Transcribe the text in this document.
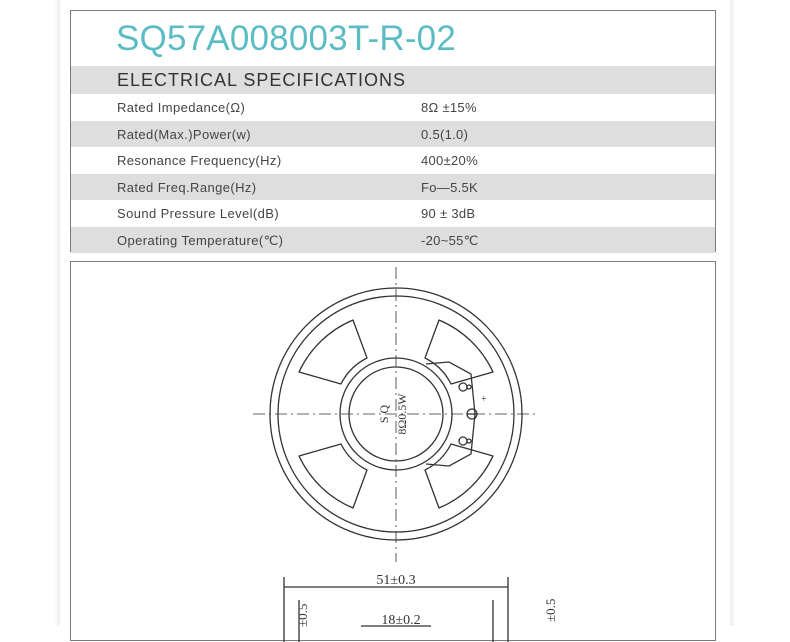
SQ57A008003T-R-02
ELECTRICAL SPECIFICATIONS
Rated Impedance(Ω)	8Ω ±15%
Rated(Max.)Power(w)	0.5(1.0)
Resonance Frequency(Hz)	400±20%
Rated Freq.Range(Hz)	Fo—5.5K
Sound Pressure Level(dB)	90 ± 3dB
Operating Temperature(℃)	-20~55℃
+
S Q 8Ω0.5W
51±0.3
18±0.2
±0.5	±0.5
